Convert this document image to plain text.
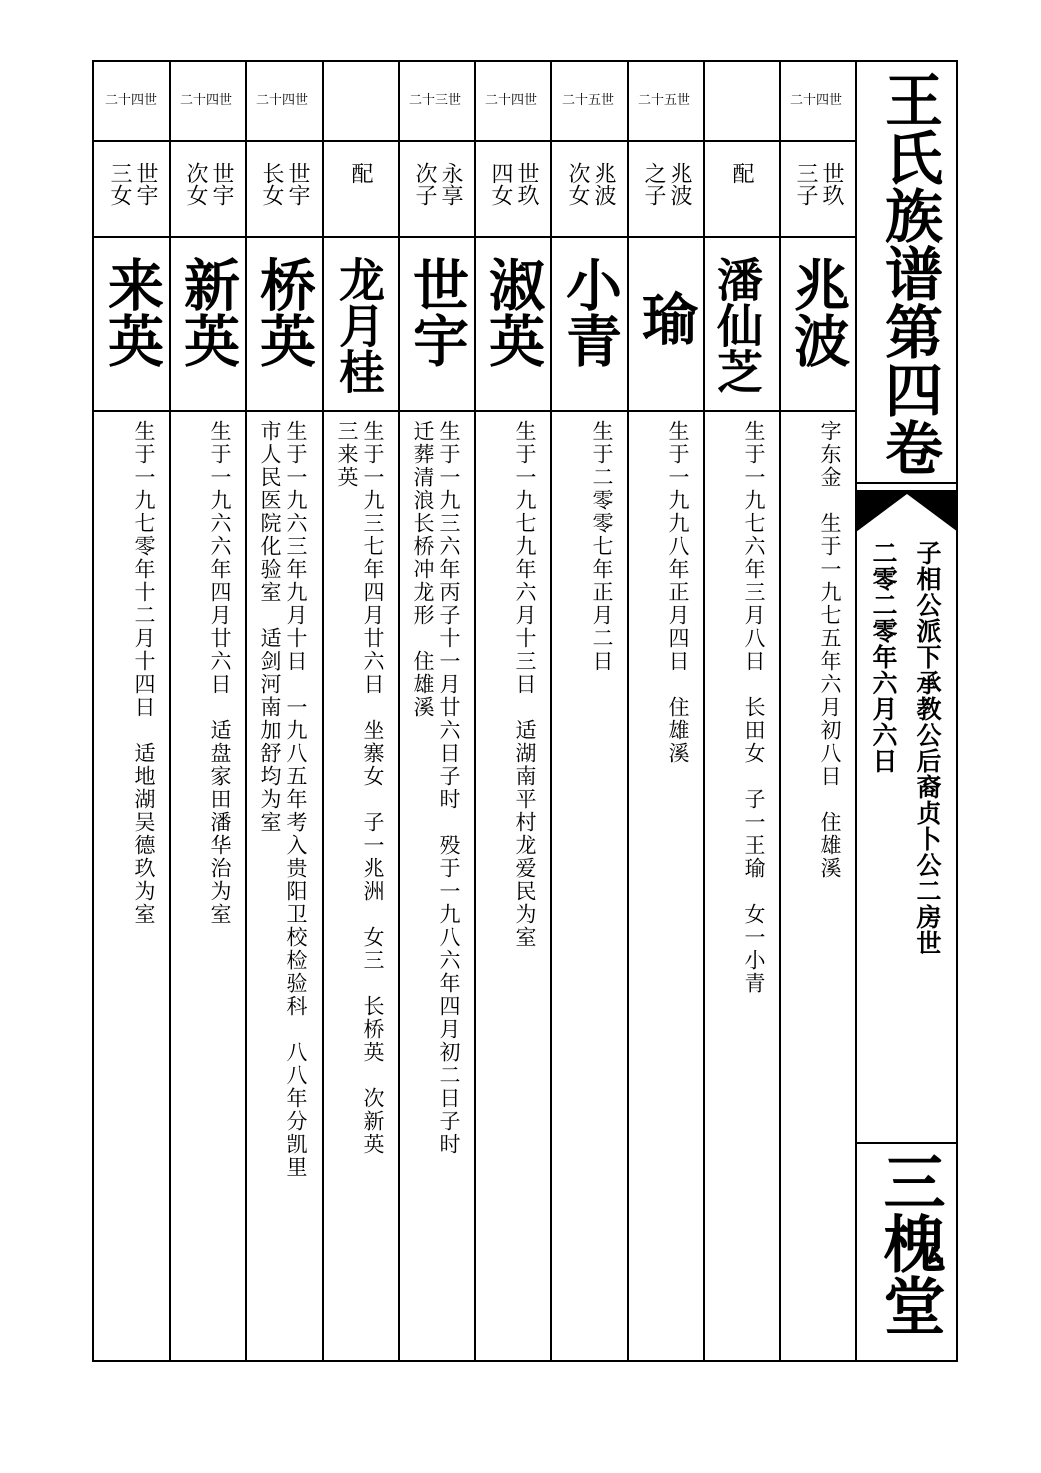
王氏族谱第四卷
子相公派下承教公后裔贞卜公二房世
二零二零年六月六日
三槐堂
二十四世
世玖
三子
兆波
字东金　生于一九七五年六月初八日　住雄溪
配
潘仙芝
生于一九七六年三月八日　长田女　子一王瑜　女一小青
二十五世
兆波
之子
瑜
生于一九九八年正月四日　住雄溪
二十五世
兆波
次女
小青
生于二零零七年正月二日
二十四世
世玖
四女
淑英
生于一九七九年六月十三日　适湖南平村龙爱民为室
二十三世
永享
次子
世宇
生于一九三六年丙子十一月廿六日子时　殁于一九八六年四月初二日子时
迁葬清浪长桥冲龙形　住雄溪
配
龙月桂
生于一九三七年四月廿六日　坐寨女　子一兆洲　女三　长桥英　次新英
三来英
二十四世
世宇
长女
桥英
生于一九六三年九月十日　一九八五年考入贵阳卫校检验科　八八年分凯里
市人民医院化验室　适剑河南加舒均为室
二十四世
世宇
次女
新英
生于一九六六年四月廿六日　适盘家田潘华治为室
二十四世
世宇
三女
来英
生于一九七零年十二月十四日　适地湖吴德玖为室
